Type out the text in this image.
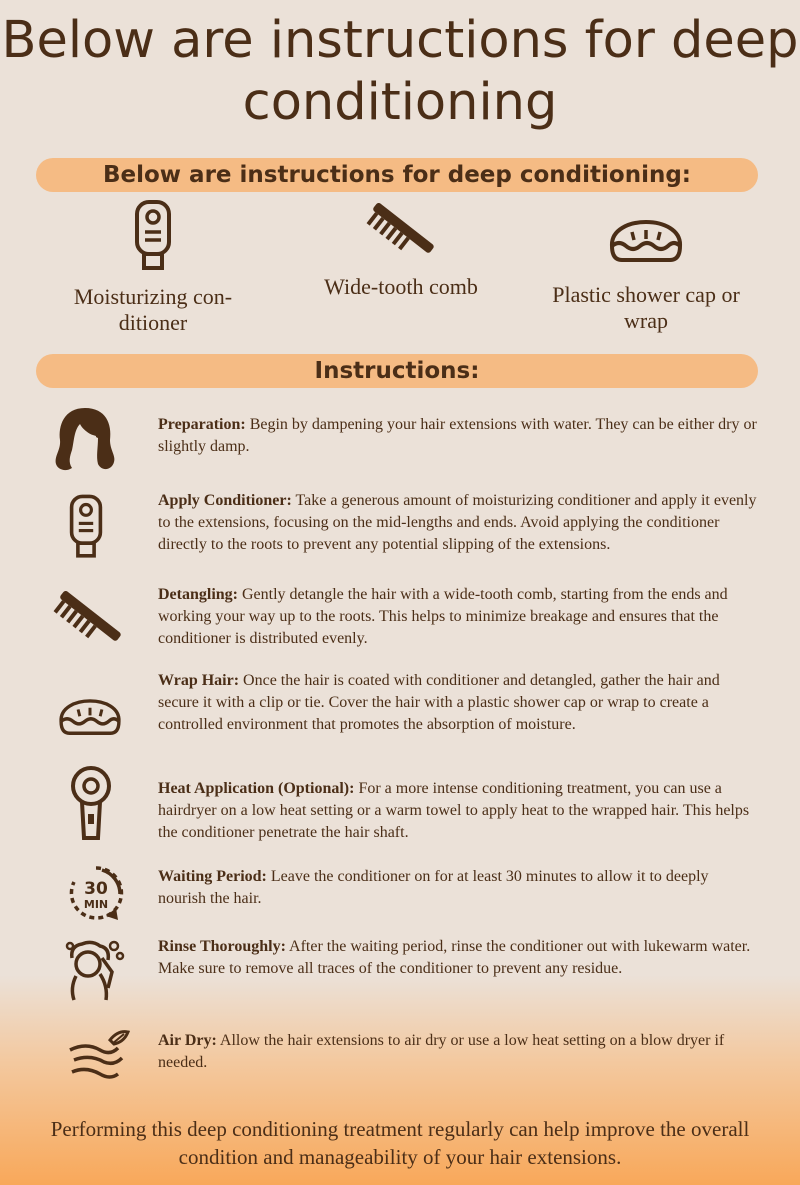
Below are instructions for deep conditioning
Below are instructions for deep conditioning:
Moisturizing con-ditioner
Wide-tooth comb	Plastic shower cap or wrap
Instructions:
Preparation: Begin by dampening your hair extensions with water. They can be either dry or slightly damp.
Apply Conditioner: Take a generous amount of moisturizing conditioner and apply it evenly to the extensions, focusing on the mid-lengths and ends. Avoid applying the conditioner directly to the roots to prevent any potential slipping of the extensions.
Detangling: Gently detangle the hair with a wide-tooth comb, starting from the ends and working your way up to the roots. This helps to minimize breakage and ensures that the conditioner is distributed evenly.
Wrap Hair: Once the hair is coated with conditioner and detangled, gather the hair and secure it with a clip or tie. Cover the hair with a plastic shower cap or wrap to create a controlled environment that promotes the absorption of moisture.
Heat Application (Optional): For a more intense conditioning treatment, you can use a hairdryer on a low heat setting or a warm towel to apply heat to the wrapped hair. This helps the conditioner penetrate the hair shaft.
30
MIN
Waiting Period: Leave the conditioner on for at least 30 minutes to allow it to deeply nourish the hair.
Rinse Thoroughly: After the waiting period, rinse the conditioner out with lukewarm water. Make sure to remove all traces of the conditioner to prevent any residue.
Air Dry: Allow the hair extensions to air dry or use a low heat setting on a blow dryer if needed.

Performing this deep conditioning treatment regularly can help improve the overall condition and manageability of your hair extensions.
